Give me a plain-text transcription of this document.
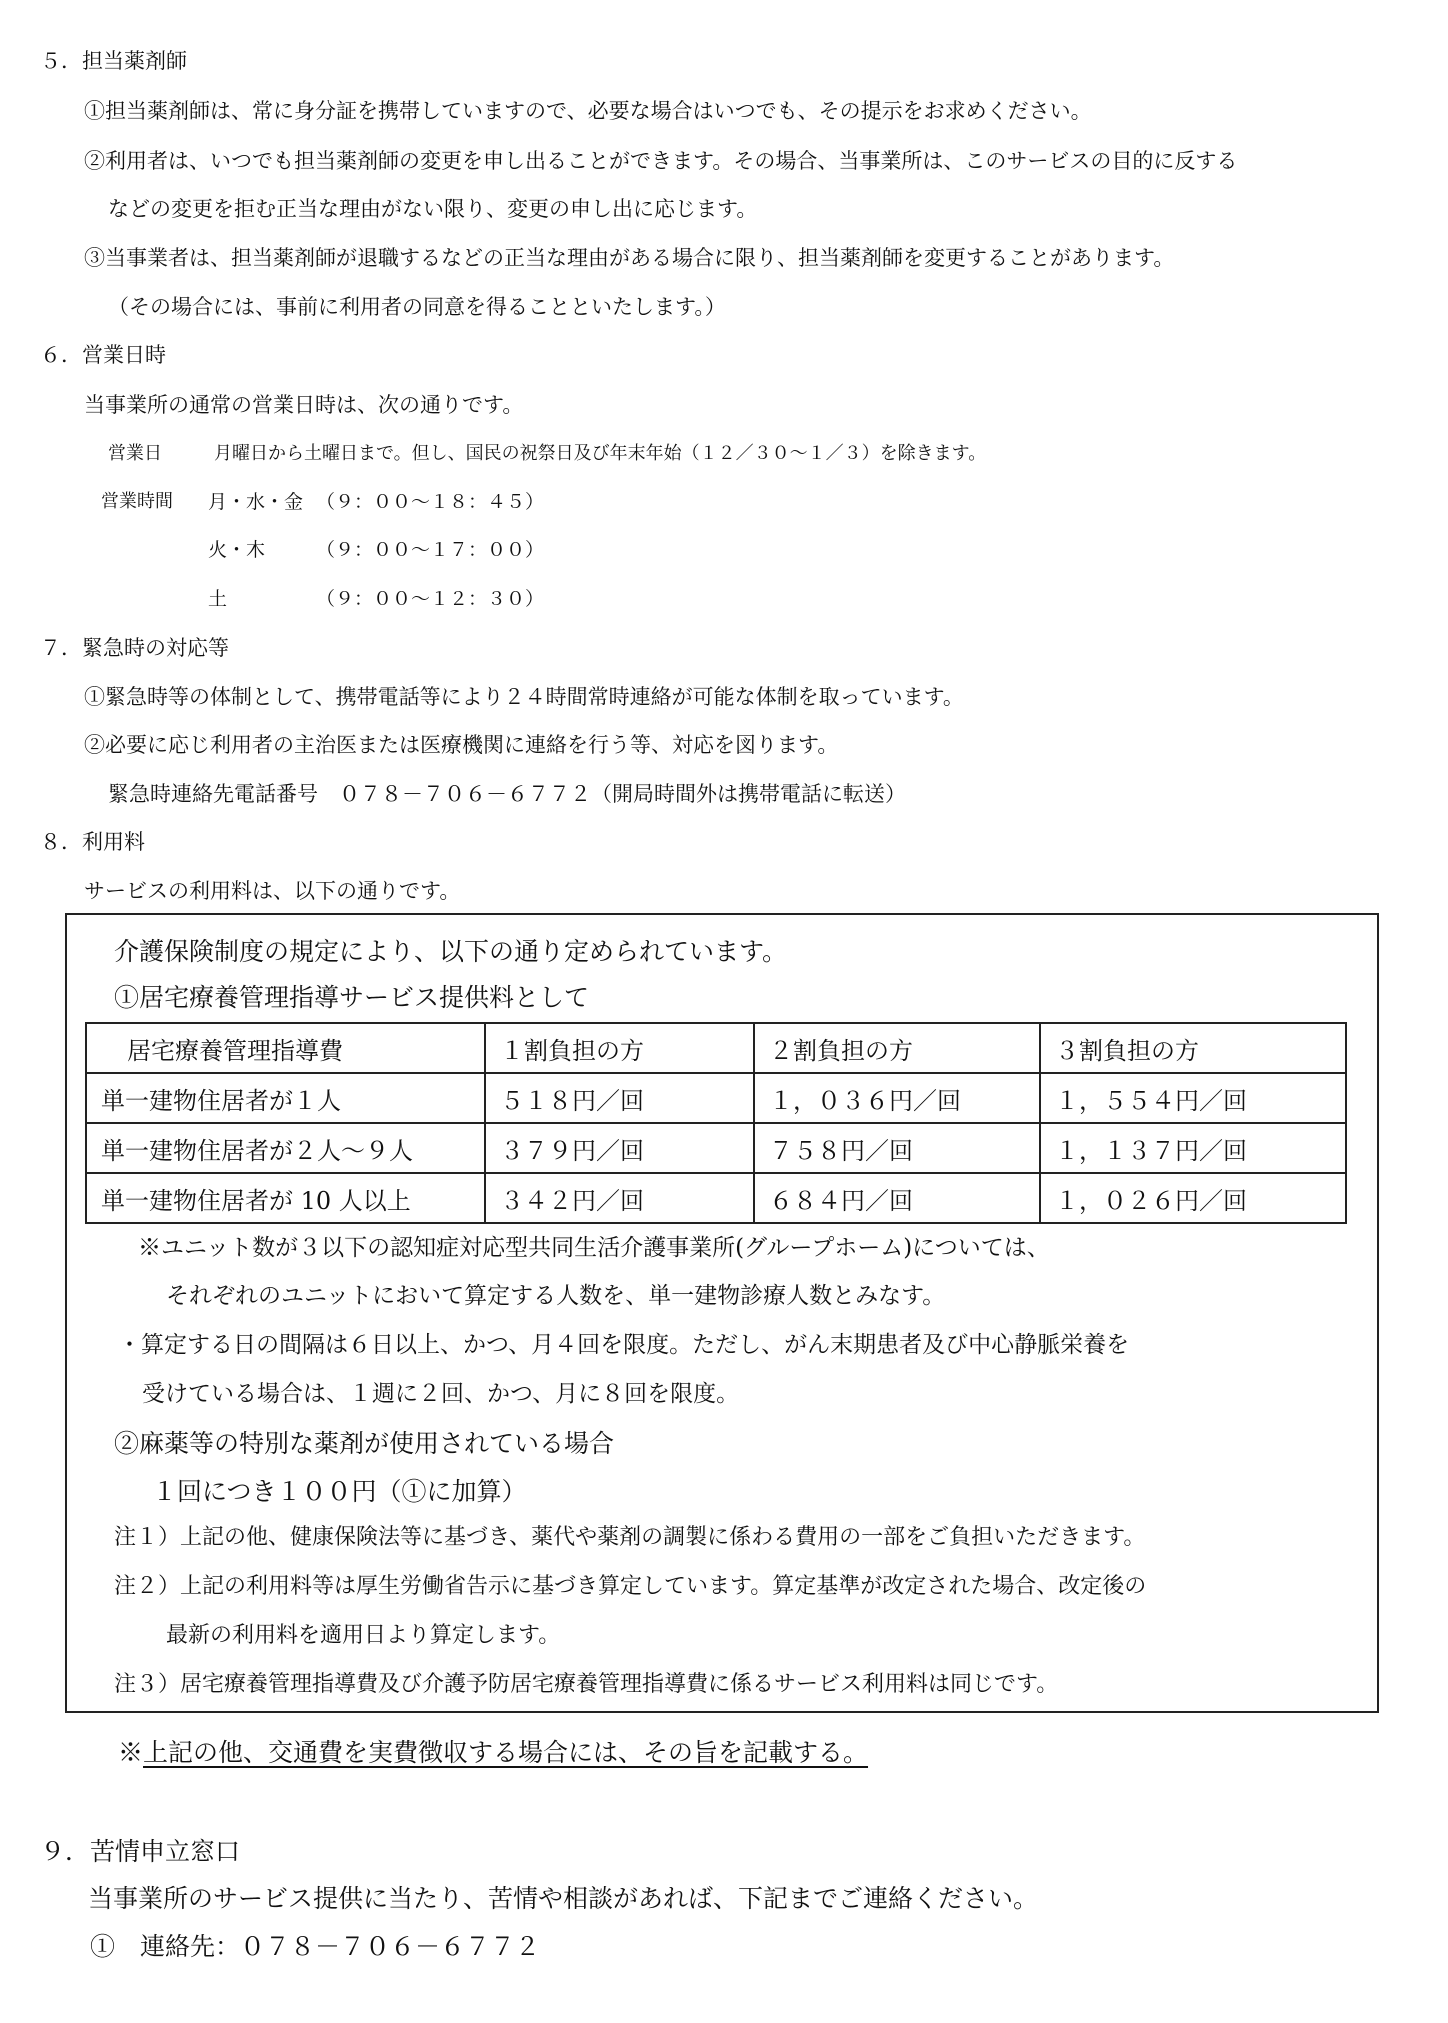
５．担当薬剤師
①担当薬剤師は、常に身分証を携帯していますので、必要な場合はいつでも、その提示をお求めください。
②利用者は、いつでも担当薬剤師の変更を申し出ることができます。その場合、当事業所は、このサービスの目的に反する
などの変更を拒む正当な理由がない限り、変更の申し出に応じます。
③当事業者は、担当薬剤師が退職するなどの正当な理由がある場合に限り、担当薬剤師を変更することがあります。
（その場合には、事前に利用者の同意を得ることといたします。）
６．営業日時
当事業所の通常の営業日時は、次の通りです。
営業日	月曜日から土曜日まで。但し、国民の祝祭日及び年末年始（１２／３０～１／３）を除きます。
営業時間 月・水・金 （９：００～１８：４５）
火・木	（９：００～１７：００）
土	（９：００～１２：３０）
７．緊急時の対応等
①緊急時等の体制として、携帯電話等により２４時間常時連絡が可能な体制を取っています。
②必要に応じ利用者の主治医または医療機関に連絡を行う等、対応を図ります。
緊急時連絡先電話番号　０７８－７０６－６７７２（開局時間外は携帯電話に転送）
８．利用料
サービスの利用料は、以下の通りです。
介護保険制度の規定により、以下の通り定められています。
①居宅療養管理指導サービス提供料として
居宅療養管理指導費	１割負担の方	２割負担の方	３割負担の方
単一建物住居者が１人	５１８円／回	１，０３６円／回	１，５５４円／回
単一建物住居者が２人～９人	３７９円／回	７５８円／回	１，１３７円／回
単一建物住居者が 10 人以上	３４２円／回	６８４円／回	１，０２６円／回
※ユニット数が３以下の認知症対応型共同生活介護事業所(グループホーム)については、
それぞれのユニットにおいて算定する人数を、単一建物診療人数とみなす。
・算定する日の間隔は６日以上、かつ、月４回を限度。ただし、がん末期患者及び中心静脈栄養を
受けている場合は、１週に２回、かつ、月に８回を限度。
②麻薬等の特別な薬剤が使用されている場合
１回につき１００円（①に加算）
注１）上記の他、健康保険法等に基づき、薬代や薬剤の調製に係わる費用の一部をご負担いただきます。
注２）上記の利用料等は厚生労働省告示に基づき算定しています。算定基準が改定された場合、改定後の
最新の利用料を適用日より算定します。
注３）居宅療養管理指導費及び介護予防居宅療養管理指導費に係るサービス利用料は同じです。
※上記の他、交通費を実費徴収する場合には、その旨を記載する。
９．苦情申立窓口
当事業所のサービス提供に当たり、苦情や相談があれば、下記までご連絡ください。
①　連絡先：０７８－７０６－６７７２
